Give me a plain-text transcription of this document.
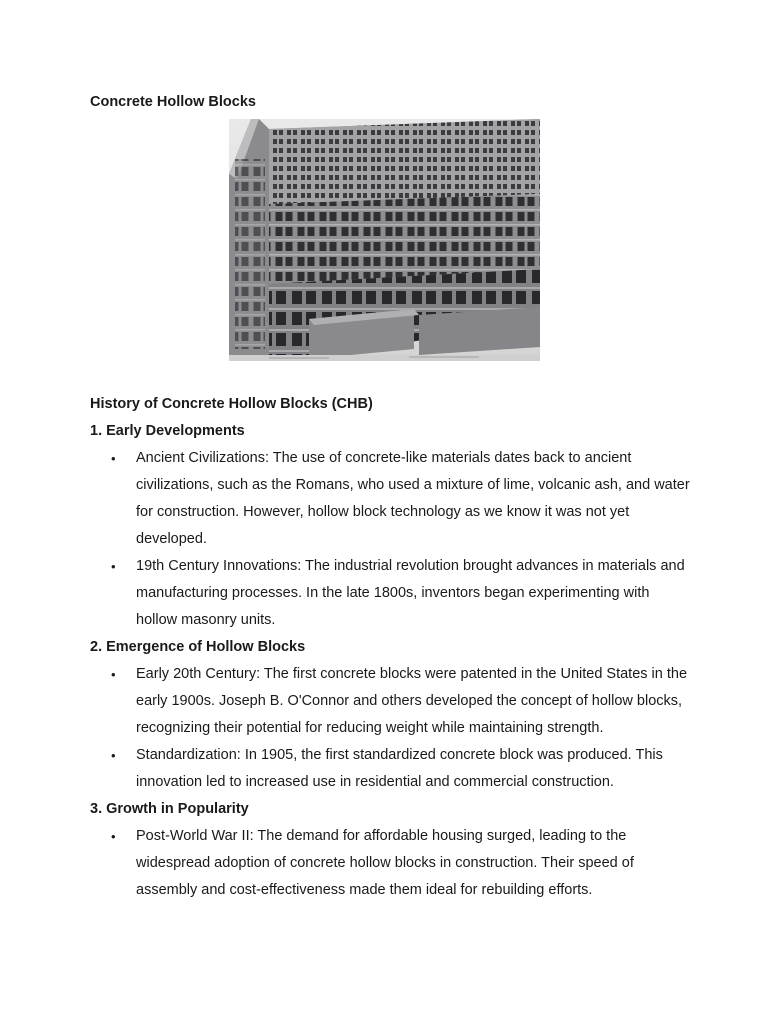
Concrete Hollow Blocks
History of Concrete Hollow Blocks (CHB)
1. Early Developments
• Ancient Civilizations: The use of concrete-like materials dates back to ancient civilizations, such as the Romans, who used a mixture of lime, volcanic ash, and water for construction. However, hollow block technology as we know it was not yet developed.
• 19th Century Innovations: The industrial revolution brought advances in materials and manufacturing processes. In the late 1800s, inventors began experimenting with hollow masonry units.
2. Emergence of Hollow Blocks
• Early 20th Century: The first concrete blocks were patented in the United States in the early 1900s. Joseph B. O'Connor and others developed the concept of hollow blocks, recognizing their potential for reducing weight while maintaining strength.
• Standardization: In 1905, the first standardized concrete block was produced. This innovation led to increased use in residential and commercial construction.
3. Growth in Popularity
• Post-World War II: The demand for affordable housing surged, leading to the widespread adoption of concrete hollow blocks in construction. Their speed of assembly and cost-effectiveness made them ideal for rebuilding efforts.
